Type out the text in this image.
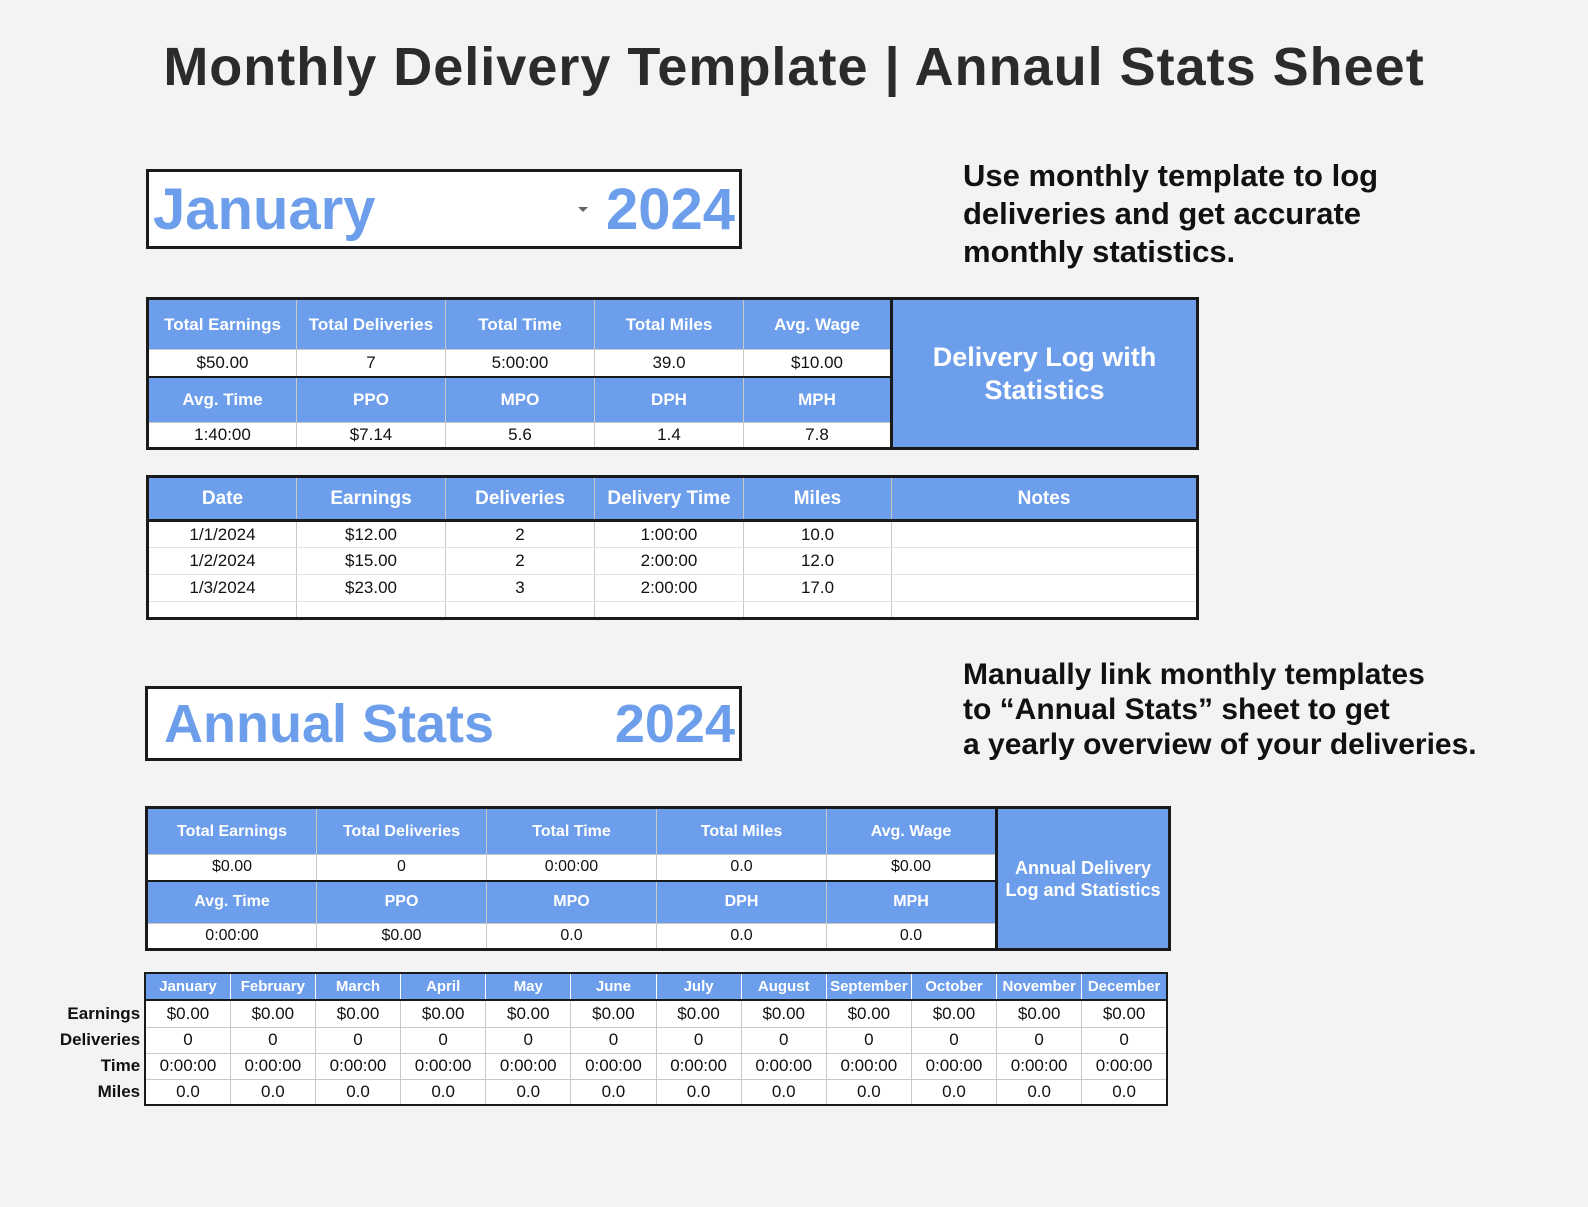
Monthly Delivery Template | Annaul Stats Sheet
January	2024
Use monthly template to log
deliveries and get accurate
monthly statistics.
Total Earnings	Total Deliveries	Total Time	Total Miles	Avg. Wage	Delivery Log with Statistics
$50.00	7	5:00:00	39.0	$10.00	
Avg. Time	PPO	MPO	DPH	MPH	
1:40:00	$7.14	5.6	1.4	7.8	
Date	Earnings	Deliveries	Delivery Time	Miles	Notes
1/1/2024	$12.00	2	1:00:00	10.0	
1/2/2024	$15.00	2	2:00:00	12.0	
1/3/2024	$23.00	3	2:00:00	17.0	

Annual Stats 2024
Manually link monthly templates
to “Annual Stats” sheet to get
a yearly overview of your deliveries.
Total Earnings	Total Deliveries	Total Time	Total Miles	Avg. Wage	Annual Delivery Log and Statistics
$0.00	0	0:00:00	0.0	$0.00	
Avg. Time	PPO	MPO	DPH	MPH	
0:00:00	$0.00	0.0	0.0	0.0	
	January	February	March	April	May	June	July	August	September	October	November	December
Earnings	$0.00	$0.00	$0.00	$0.00	$0.00	$0.00	$0.00	$0.00	$0.00	$0.00	$0.00	$0.00
Deliveries	0	0	0	0	0	0	0	0	0	0	0	0
Time	0:00:00	0:00:00	0:00:00	0:00:00	0:00:00	0:00:00	0:00:00	0:00:00	0:00:00	0:00:00	0:00:00	0:00:00
Miles	0.0	0.0	0.0	0.0	0.0	0.0	0.0	0.0	0.0	0.0	0.0	0.0
